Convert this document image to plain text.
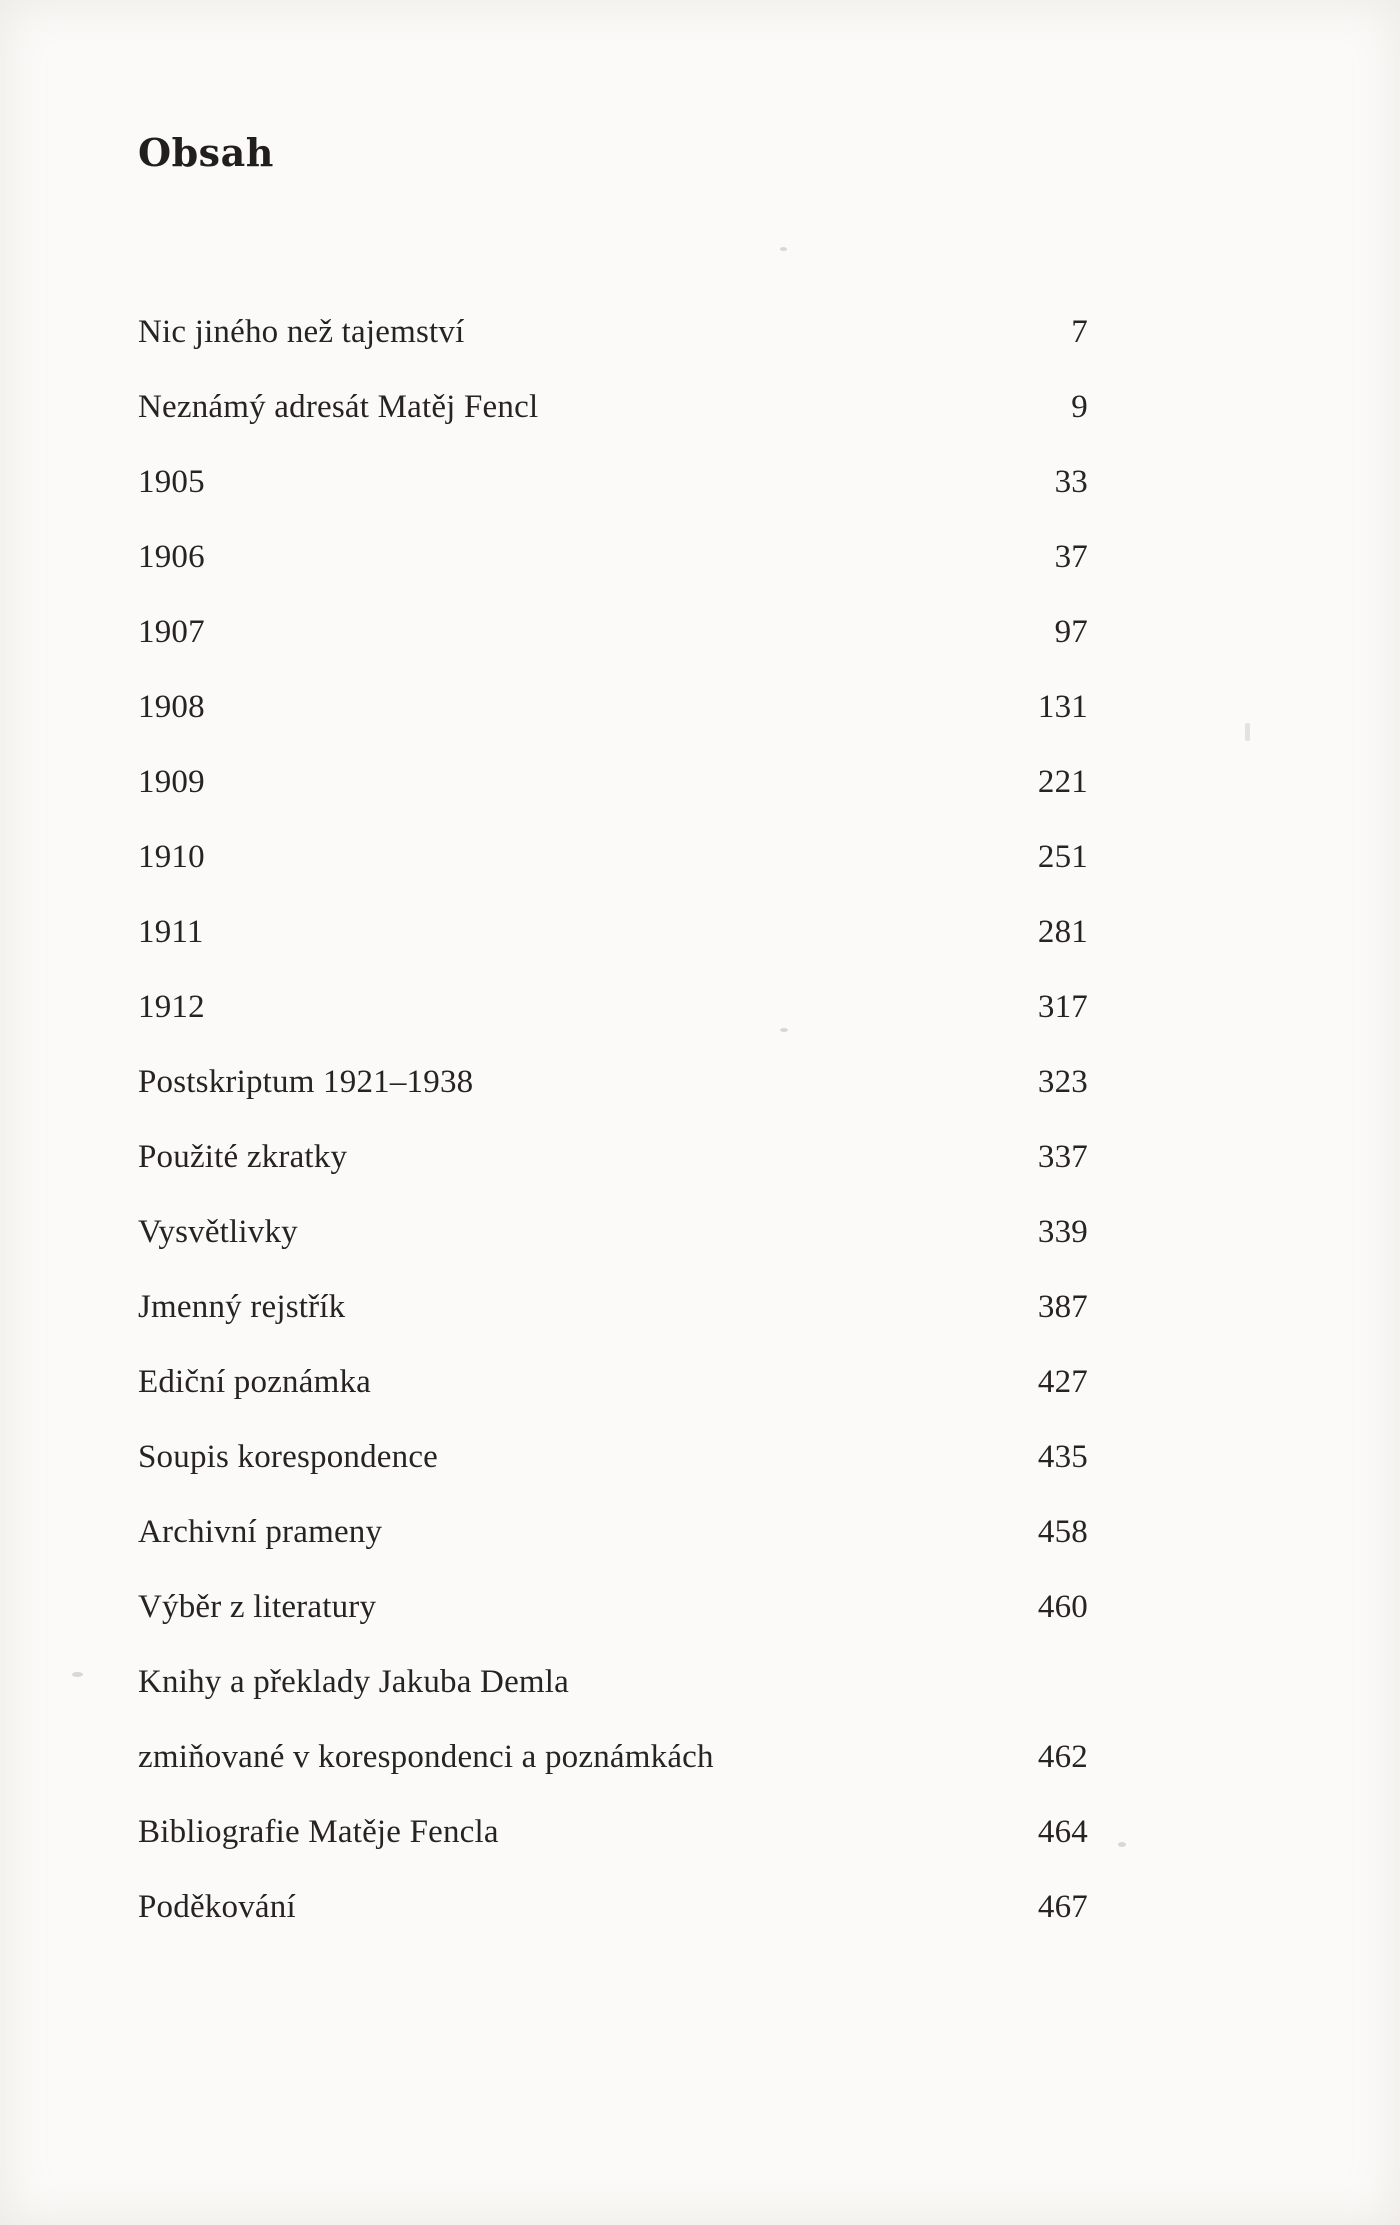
Obsah
Nic jiného než tajemství	7
Neznámý adresát Matěj Fencl	9
1905	33
1906	37
1907	97
1908	131
1909	221
1910	251
1911	281
1912	317
Postskriptum 1921–1938	323
Použité zkratky	337
Vysvětlivky	339
Jmenný rejstřík	387
Ediční poznámka	427
Soupis korespondence	435
Archivní prameny	458
Výběr z literatury	460
Knihy a překlady Jakuba Demla
zmiňované v korespondenci a poznámkách	462
Bibliografie Matěje Fencla	464
Poděkování	467
